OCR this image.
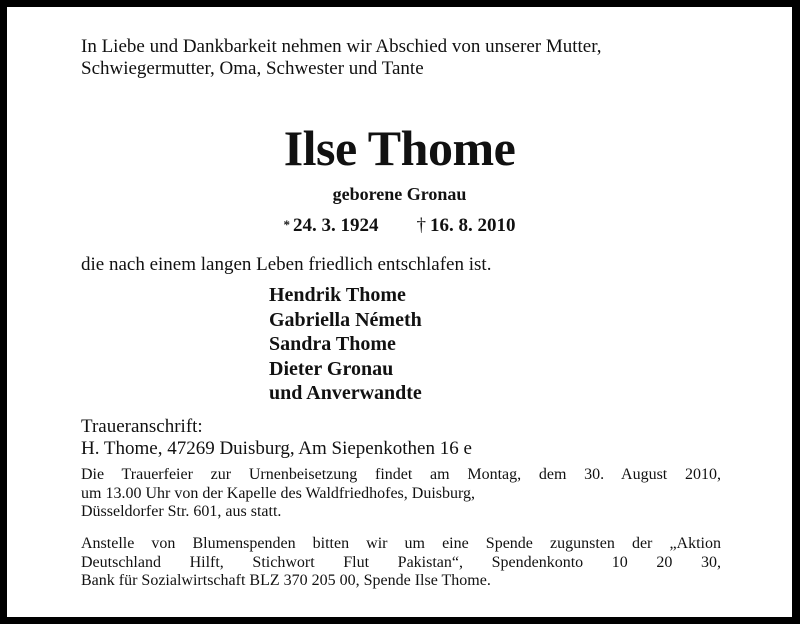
In Liebe und Dankbarkeit nehmen wir Abschied von unserer Mutter,
Schwiegermutter, Oma, Schwester und Tante
Ilse Thome
geborene Gronau
* 24. 3. 1924 † 16. 8. 2010
die nach einem langen Leben friedlich entschlafen ist.
Hendrik Thome
Gabriella Németh
Sandra Thome
Dieter Gronau
und Anverwandte
Traueranschrift:
H. Thome, 47269 Duisburg, Am Siepenkothen 16 e
Die Trauerfeier zur Urnenbeisetzung findet am Montag, dem 30. August 2010,
um 13.00 Uhr von der Kapelle des Waldfriedhofes, Duisburg,
Düsseldorfer Str. 601, aus statt.
Anstelle von Blumenspenden bitten wir um eine Spende zugunsten der „Aktion
Deutschland Hilft, Stichwort Flut Pakistan“, Spendenkonto 10 20 30,
Bank für Sozialwirtschaft BLZ 370 205 00, Spende Ilse Thome.
